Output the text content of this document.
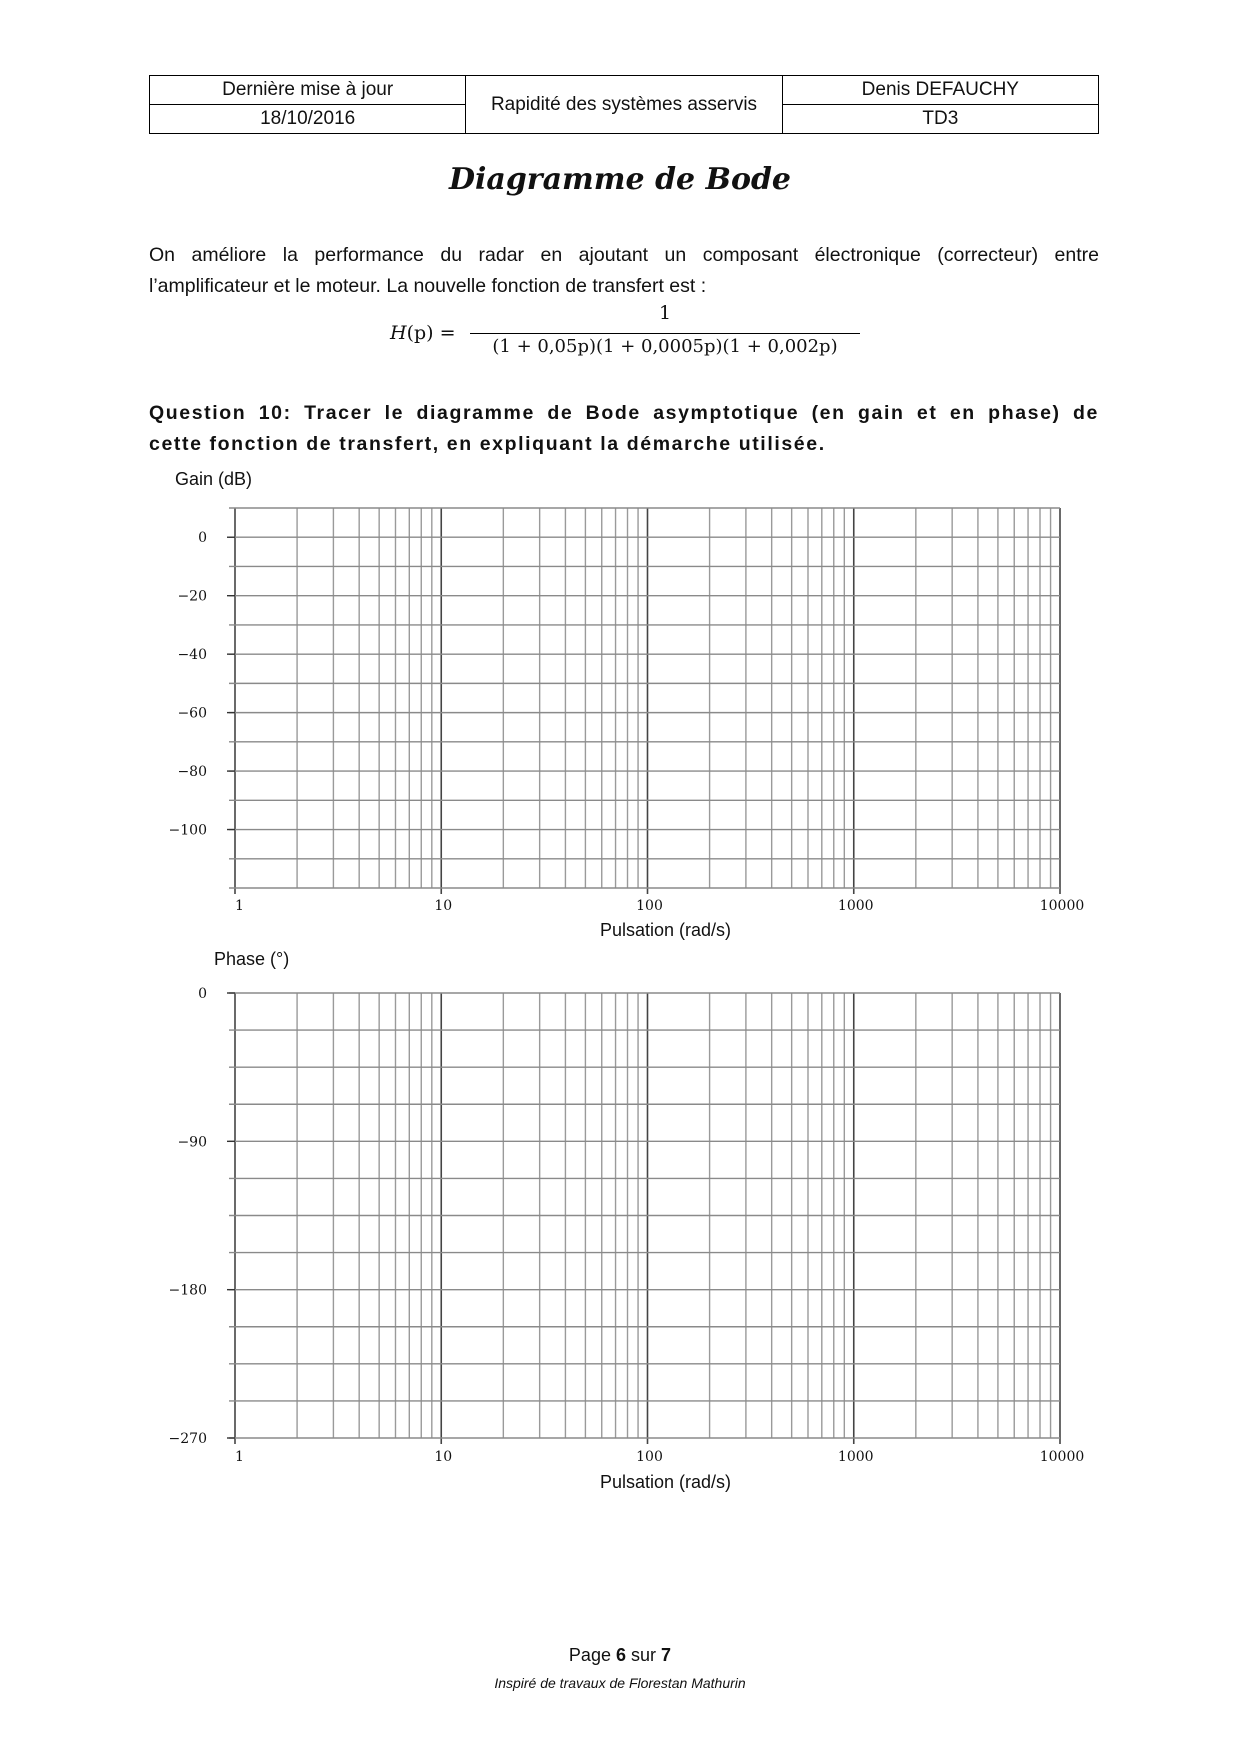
Dernière mise à jour	Rapidité des systèmes asservis	Denis DEFAUCHY
18/10/2016		TD3
Diagramme de Bode
On améliore la performance du radar en ajoutant un composant électronique (correcteur) entre
l’amplificateur et le moteur. La nouvelle fonction de transfert est :
H(p) =
1
(1 + 0,05p)(1 + 0,0005p)(1 + 0,002p)
Question 10: Tracer le diagramme de Bode asymptotique (en gain et en phase) de
cette fonction de transfert, en expliquant la démarche utilisée.
0
−20
−40
−60
−80
−100
1	10	100	1000	10000
Pulsation (rad/s)
Gain (dB)
0
−90
−180
−270
1	10	100	1000	10000
Pulsation (rad/s)
Phase (°)
Page 6 sur 7
Inspiré de travaux de Florestan Mathurin
